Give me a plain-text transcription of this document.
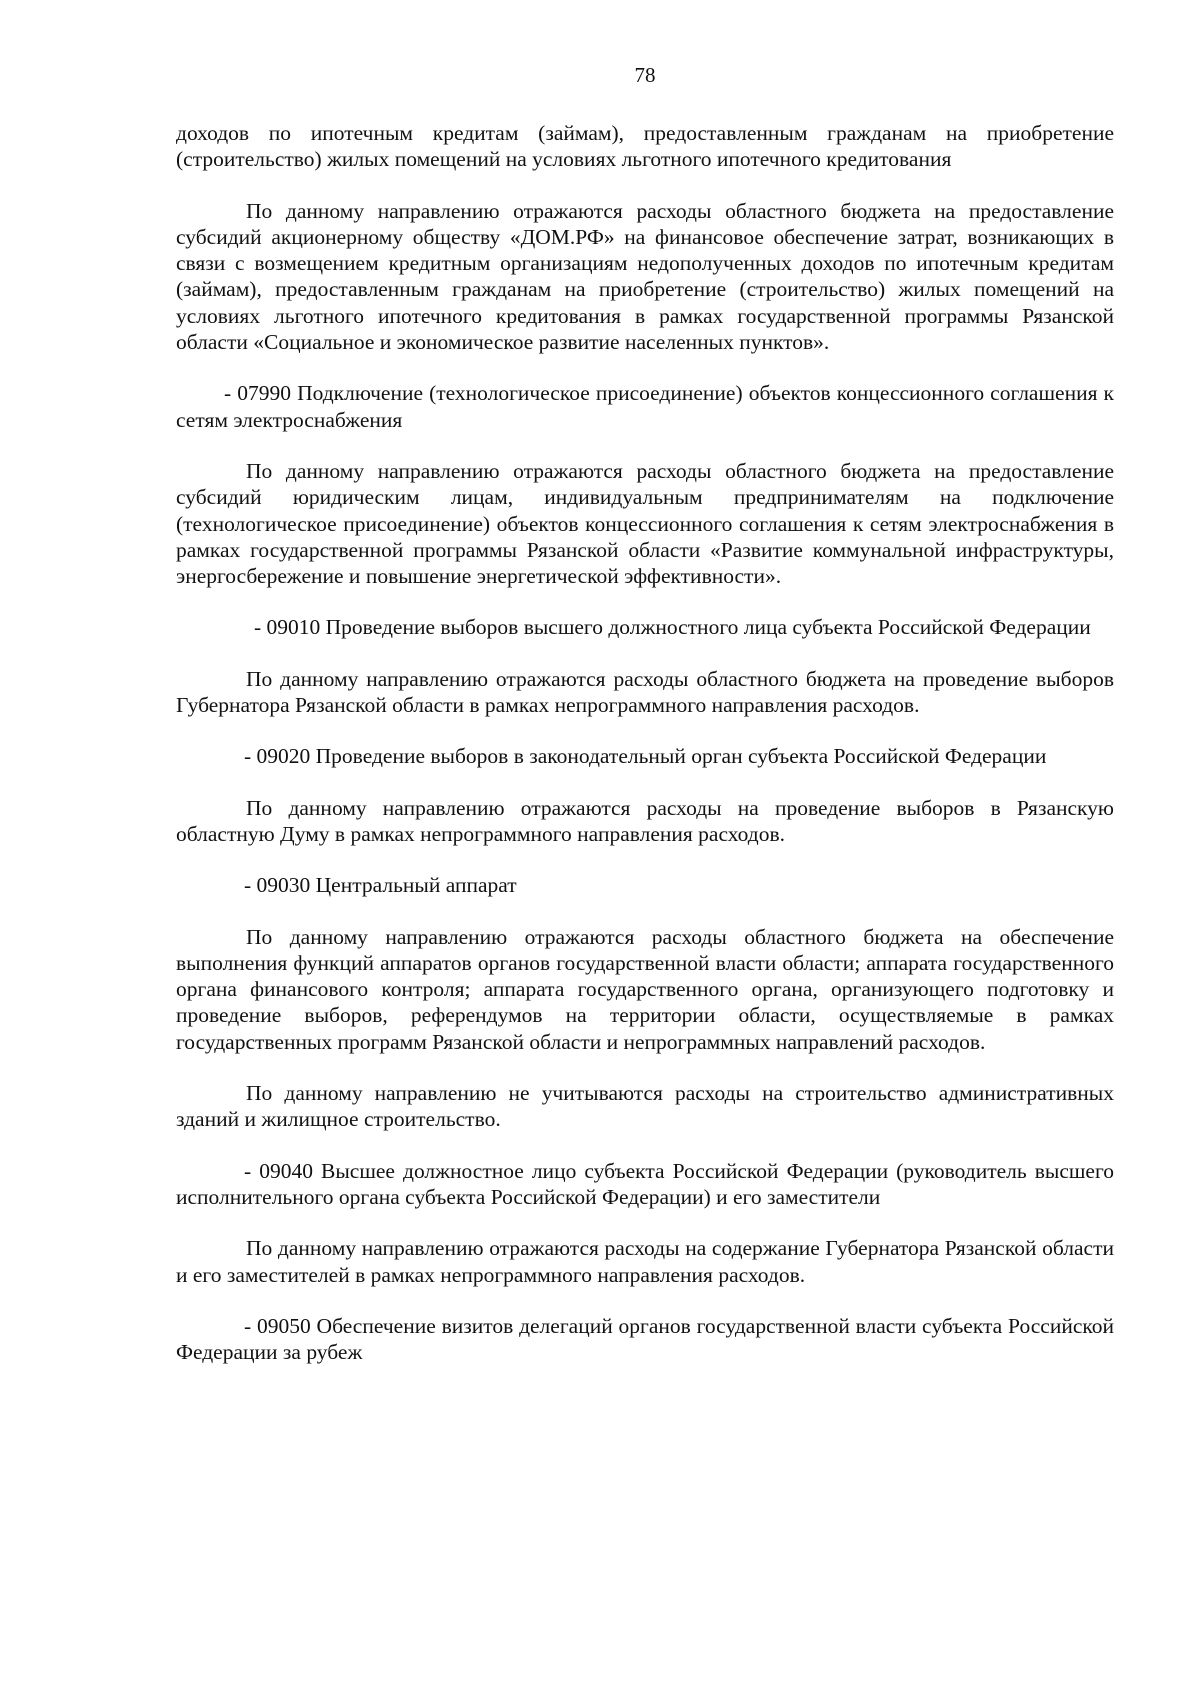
78

доходов по ипотечным кредитам (займам), предоставленным гражданам на приобретение (строительство) жилых помещений на условиях льготного ипотечного кредитования

По данному направлению отражаются расходы областного бюджета на предоставление субсидий акционерному обществу «ДОМ.РФ» на финансовое обеспечение затрат, возникающих в связи с возмещением кредитным организациям недополученных доходов по ипотечным кредитам (займам), предоставленным гражданам на приобретение (строительство) жилых помещений на условиях льготного ипотечного кредитования в рамках государственной программы Рязанской области «Социальное и экономическое развитие населенных пунктов».

- 07990 Подключение (технологическое присоединение) объектов концессионного соглашения к сетям электроснабжения

По данному направлению отражаются расходы областного бюджета на предоставление субсидий юридическим лицам, индивидуальным предпринимателям на подключение (технологическое присоединение) объектов концессионного соглашения к сетям электроснабжения в рамках государственной программы Рязанской области «Развитие коммунальной инфраструктуры, энергосбережение и повышение энергетической эффективности».

- 09010 Проведение выборов высшего должностного лица субъекта Российской Федерации

По данному направлению отражаются расходы областного бюджета на проведение выборов Губернатора Рязанской области в рамках непрограммного направления расходов.

- 09020 Проведение выборов в законодательный орган субъекта Российской Федерации

По данному направлению отражаются расходы на проведение выборов в Рязанскую областную Думу в рамках непрограммного направления расходов.

- 09030 Центральный аппарат

По данному направлению отражаются расходы областного бюджета на обеспечение выполнения функций аппаратов органов государственной власти области; аппарата государственного органа финансового контроля; аппарата государственного органа, организующего подготовку и проведение выборов, референдумов на территории области, осуществляемые в рамках государственных программ Рязанской области и непрограммных направлений расходов.

По данному направлению не учитываются расходы на строительство административных зданий и жилищное строительство.

- 09040 Высшее должностное лицо субъекта Российской Федерации (руководитель высшего исполнительного органа субъекта Российской Федерации) и его заместители

По данному направлению отражаются расходы на содержание Губернатора Рязанской области и его заместителей в рамках непрограммного направления расходов.

- 09050 Обеспечение визитов делегаций органов государственной власти субъекта Российской Федерации за рубеж
